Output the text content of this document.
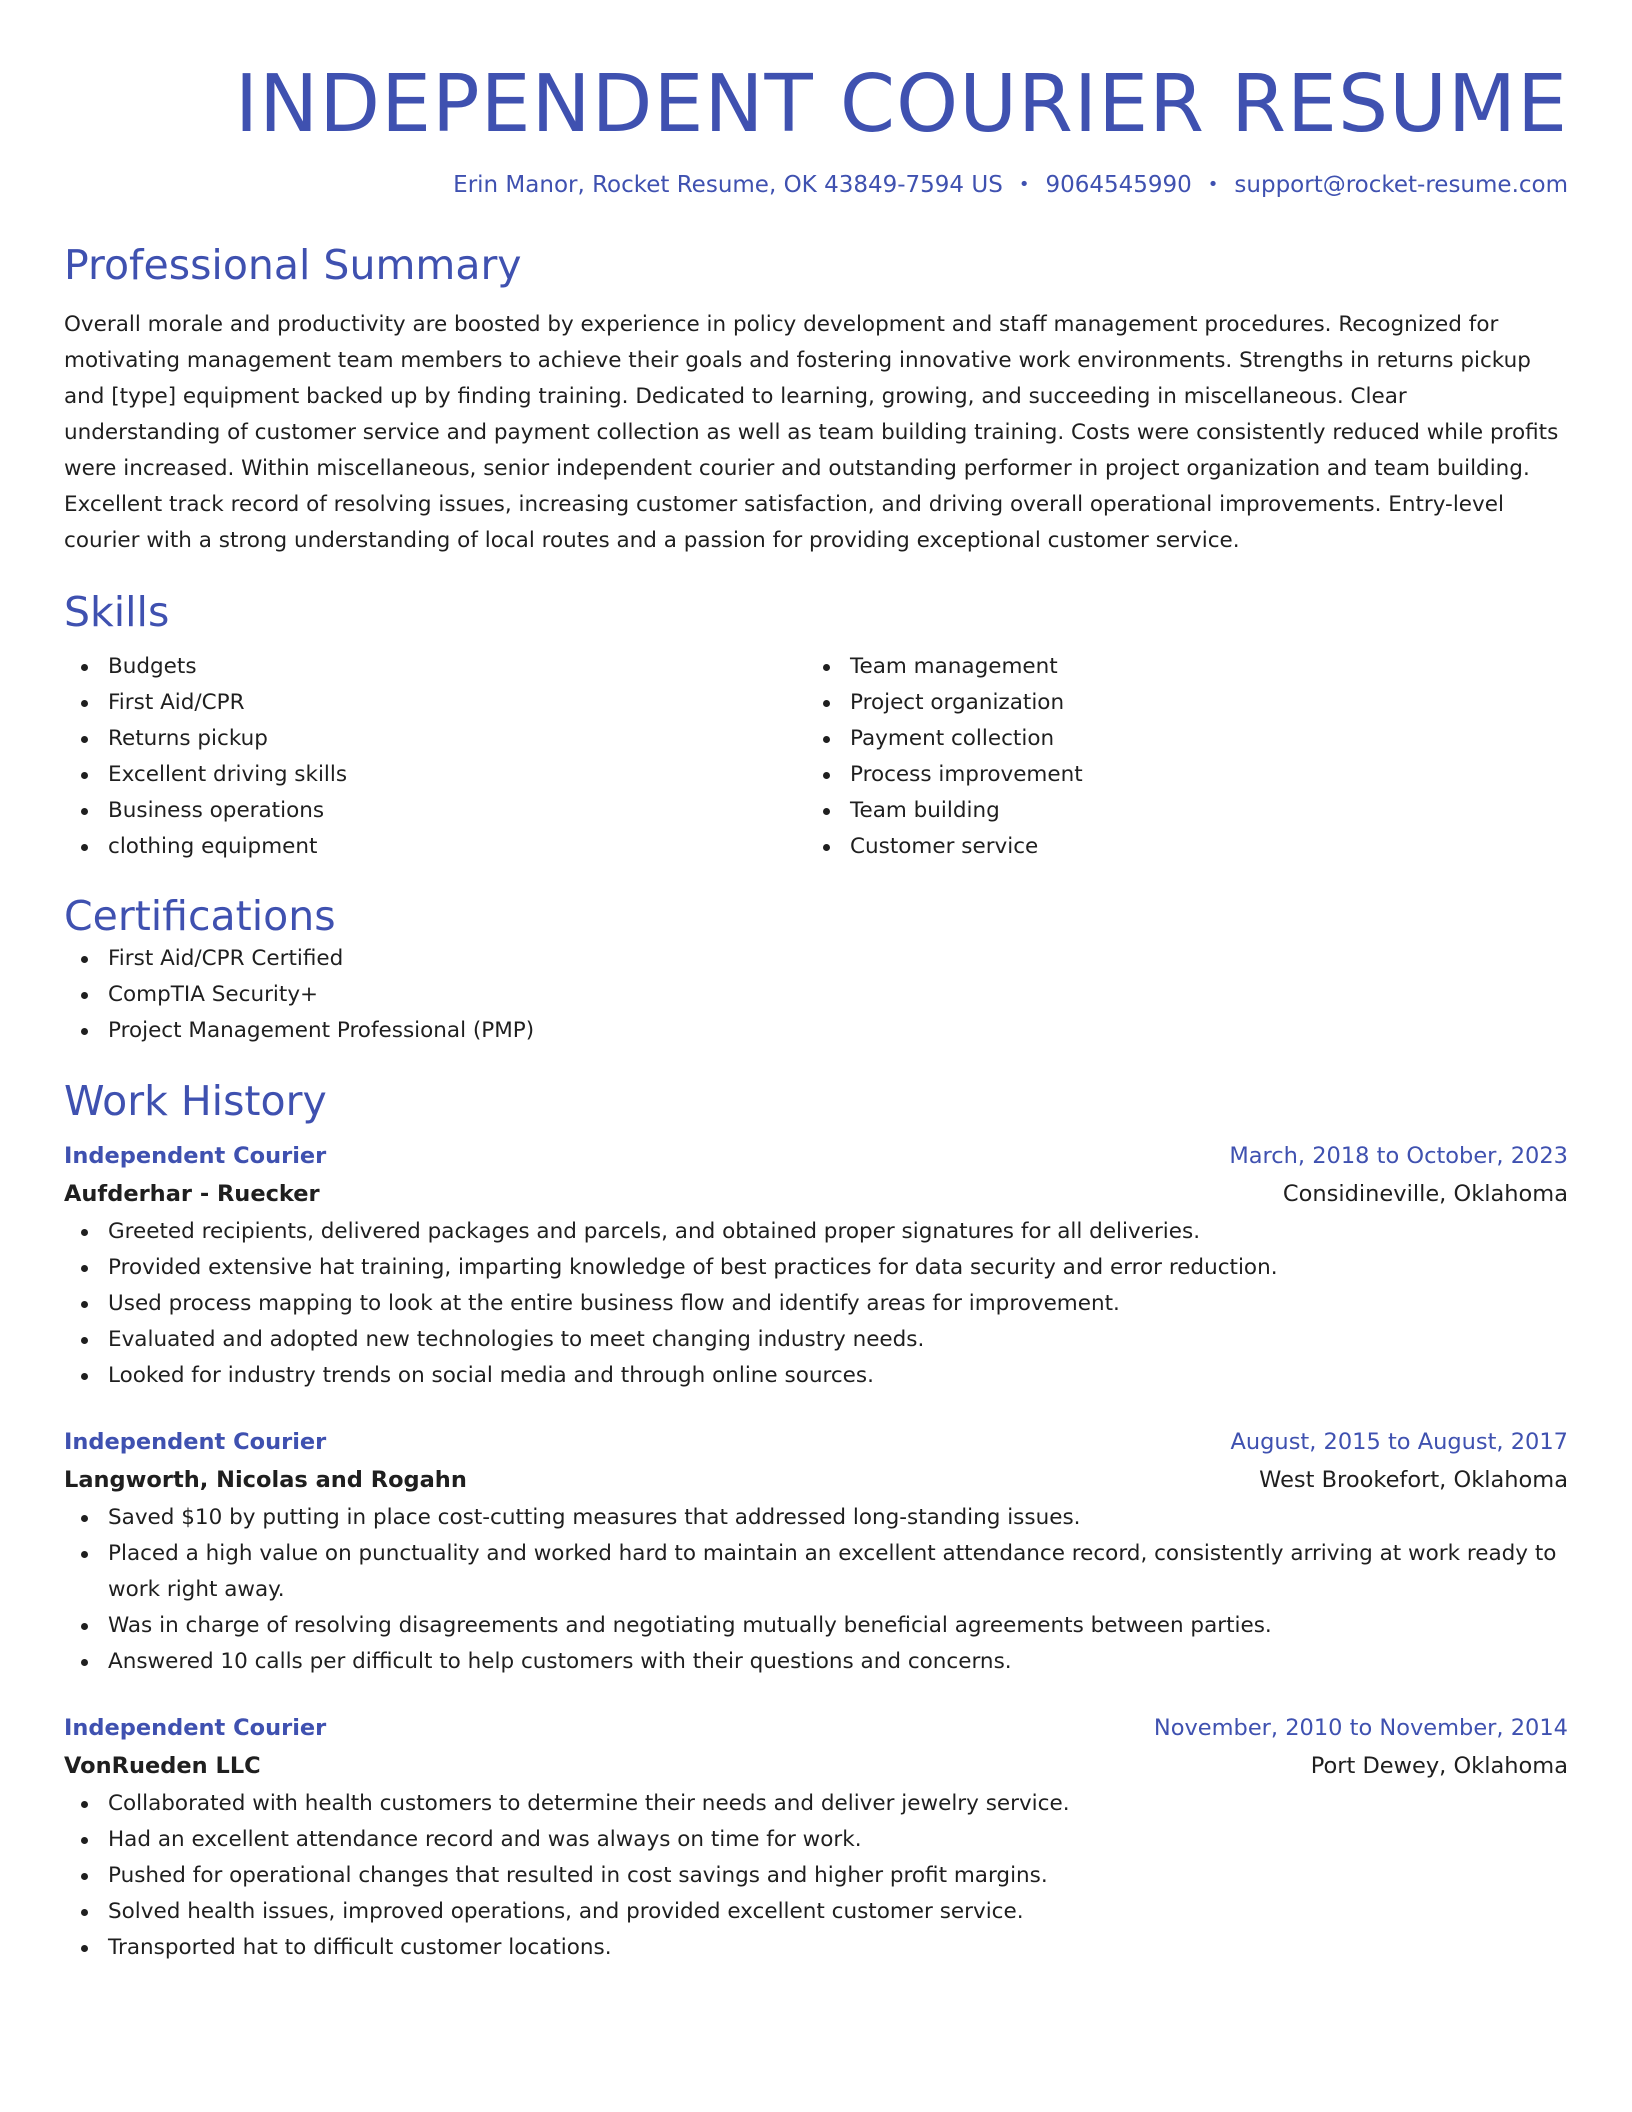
INDEPENDENT COURIER RESUME
Erin Manor, Rocket Resume, OK 43849-7594 US • 9064545990 • support@rocket-resume.com
Professional Summary

Overall morale and productivity are boosted by experience in policy development and staff management procedures. Recognized for motivating management team members to achieve their goals and fostering innovative work environments. Strengths in returns pickup and [type] equipment backed up by finding training. Dedicated to learning, growing, and succeeding in miscellaneous. Clear understanding of customer service and payment collection as well as team building training. Costs were consistently reduced while profits were increased. Within miscellaneous, senior independent courier and outstanding performer in project organization and team building. Excellent track record of resolving issues, increasing customer satisfaction, and driving overall operational improvements. Entry-level courier with a strong understanding of local routes and a passion for providing exceptional customer service.

Skills
Budgets
First Aid/CPR
Returns pickup
Excellent driving skills
Business operations
clothing equipment
Team management
Project organization
Payment collection
Process improvement
Team building
Customer service
Certifications
First Aid/CPR Certified
CompTIA Security+
Project Management Professional (PMP)
Work History
Independent Courier	March, 2018 to October, 2023
Aufderhar - Ruecker	Considineville, Oklahoma
Greeted recipients, delivered packages and parcels, and obtained proper signatures for all deliveries.
Provided extensive hat training, imparting knowledge of best practices for data security and error reduction.
Used process mapping to look at the entire business flow and identify areas for improvement.
Evaluated and adopted new technologies to meet changing industry needs.
Looked for industry trends on social media and through online sources.
Independent Courier	August, 2015 to August, 2017
Langworth, Nicolas and Rogahn	West Brookefort, Oklahoma
Saved $10 by putting in place cost-cutting measures that addressed long-standing issues.
Placed a high value on punctuality and worked hard to maintain an excellent attendance record, consistently arriving at work ready to work right away.
Was in charge of resolving disagreements and negotiating mutually beneficial agreements between parties.
Answered 10 calls per difficult to help customers with their questions and concerns.
Independent Courier	November, 2010 to November, 2014
VonRueden LLC	Port Dewey, Oklahoma
Collaborated with health customers to determine their needs and deliver jewelry service.
Had an excellent attendance record and was always on time for work.
Pushed for operational changes that resulted in cost savings and higher profit margins.
Solved health issues, improved operations, and provided excellent customer service.
Transported hat to difficult customer locations.
